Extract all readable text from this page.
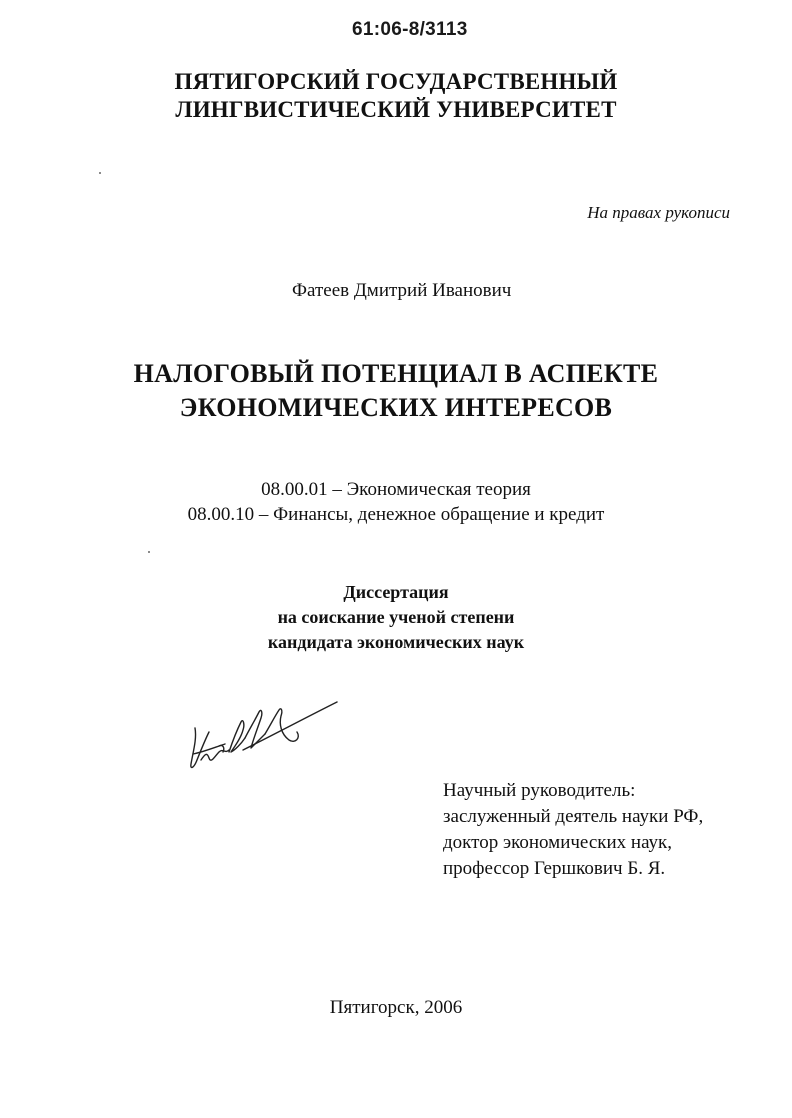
61:06-8/3113
ПЯТИГОРСКИЙ ГОСУДАРСТВЕННЫЙ
ЛИНГВИСТИЧЕСКИЙ УНИВЕРСИТЕТ
На правах рукописи
Фатеев Дмитрий Иванович
НАЛОГОВЫЙ ПОТЕНЦИАЛ В АСПЕКТЕ
ЭКОНОМИЧЕСКИХ ИНТЕРЕСОВ
08.00.01 – Экономическая теория
08.00.10 – Финансы, денежное обращение и кредит
Диссертация
на соискание ученой степени
кандидата экономических наук
Научный руководитель:
заслуженный деятель науки РФ,
доктор экономических наук,
профессор Гершкович Б. Я.
Пятигорск, 2006
